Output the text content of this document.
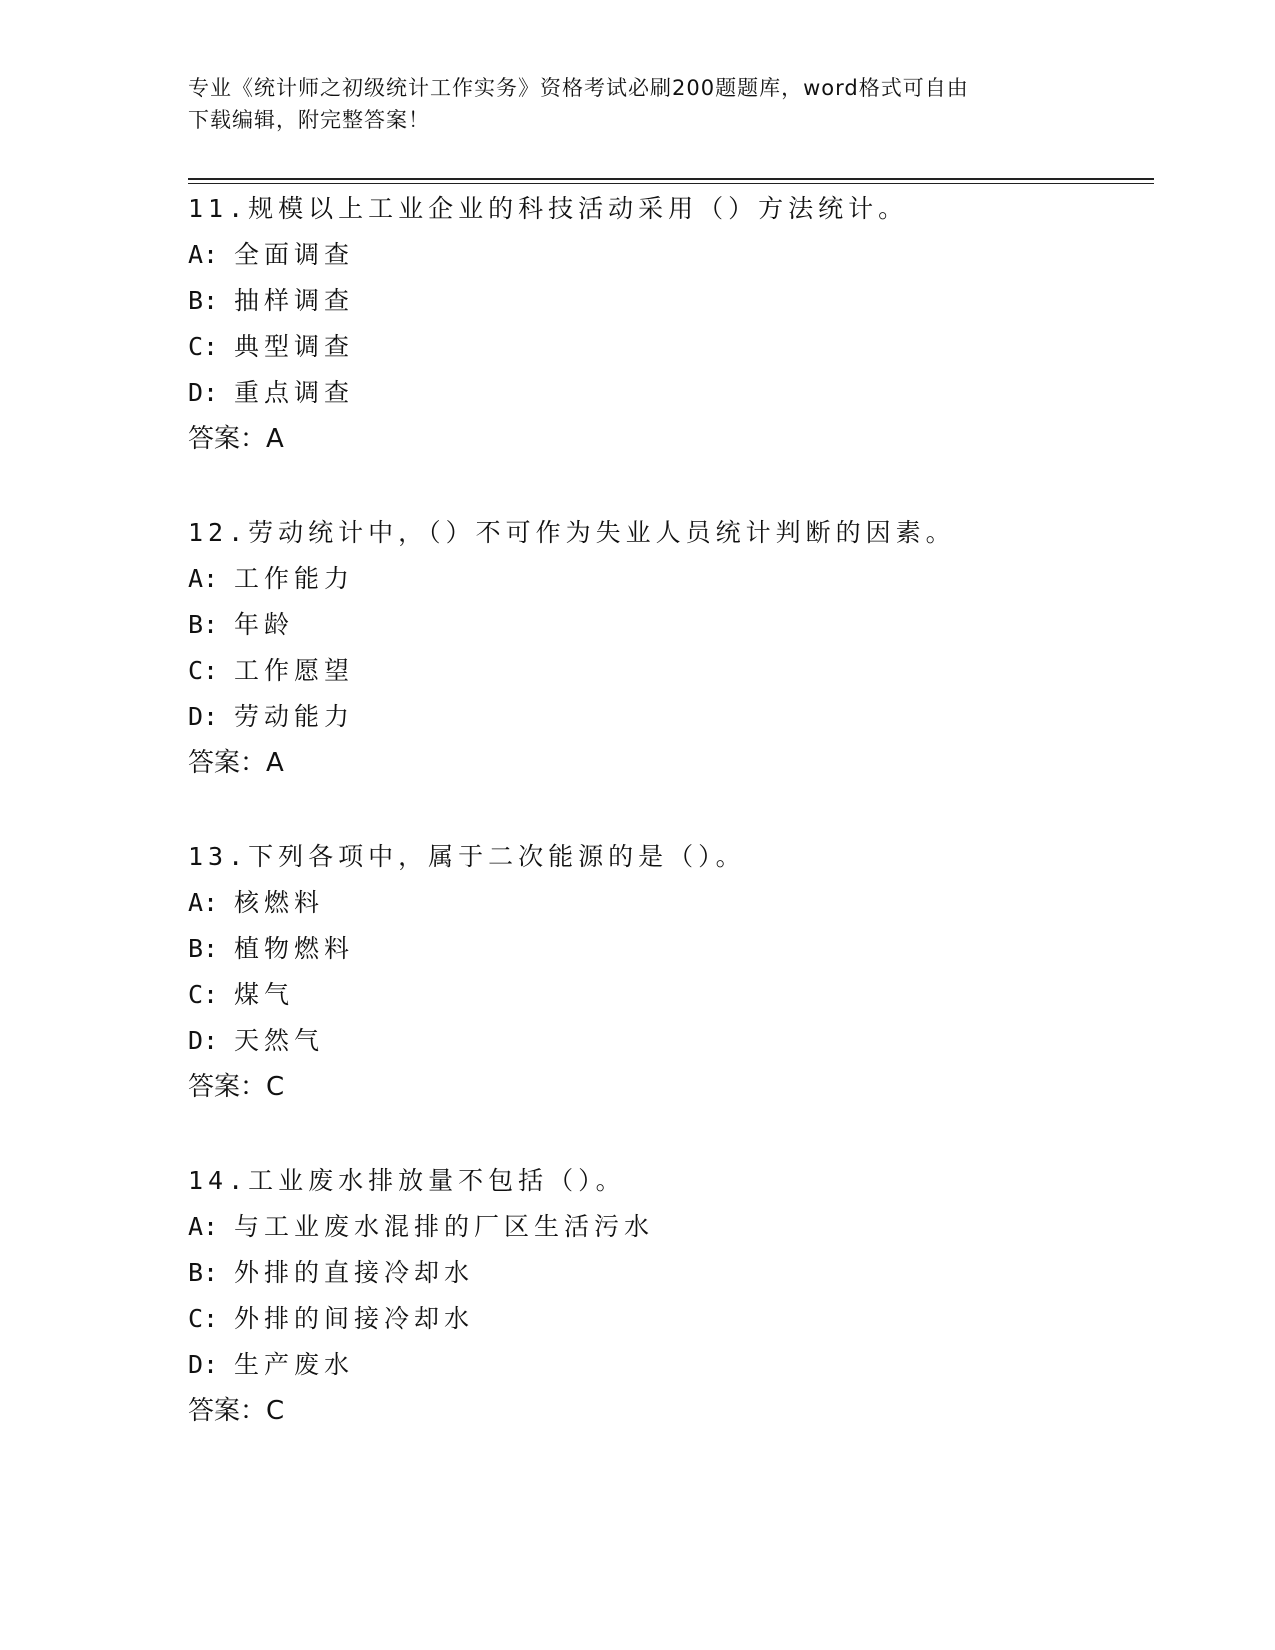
专业《统计师之初级统计工作实务》资格考试必刷200题题库，word格式可自由
下载编辑，附完整答案！
11.规模以上工业企业的科技活动采用（）方法统计。
A: 全面调查
B: 抽样调查
C: 典型调查
D: 重点调查
答案：A
12.劳动统计中，（）不可作为失业人员统计判断的因素。
A: 工作能力
B: 年龄
C: 工作愿望
D: 劳动能力
答案：A
13.下列各项中，属于二次能源的是（）。
A: 核燃料
B: 植物燃料
C: 煤气
D: 天然气
答案：C
14.工业废水排放量不包括（）。
A: 与工业废水混排的厂区生活污水
B: 外排的直接冷却水
C: 外排的间接冷却水
D: 生产废水
答案：C
